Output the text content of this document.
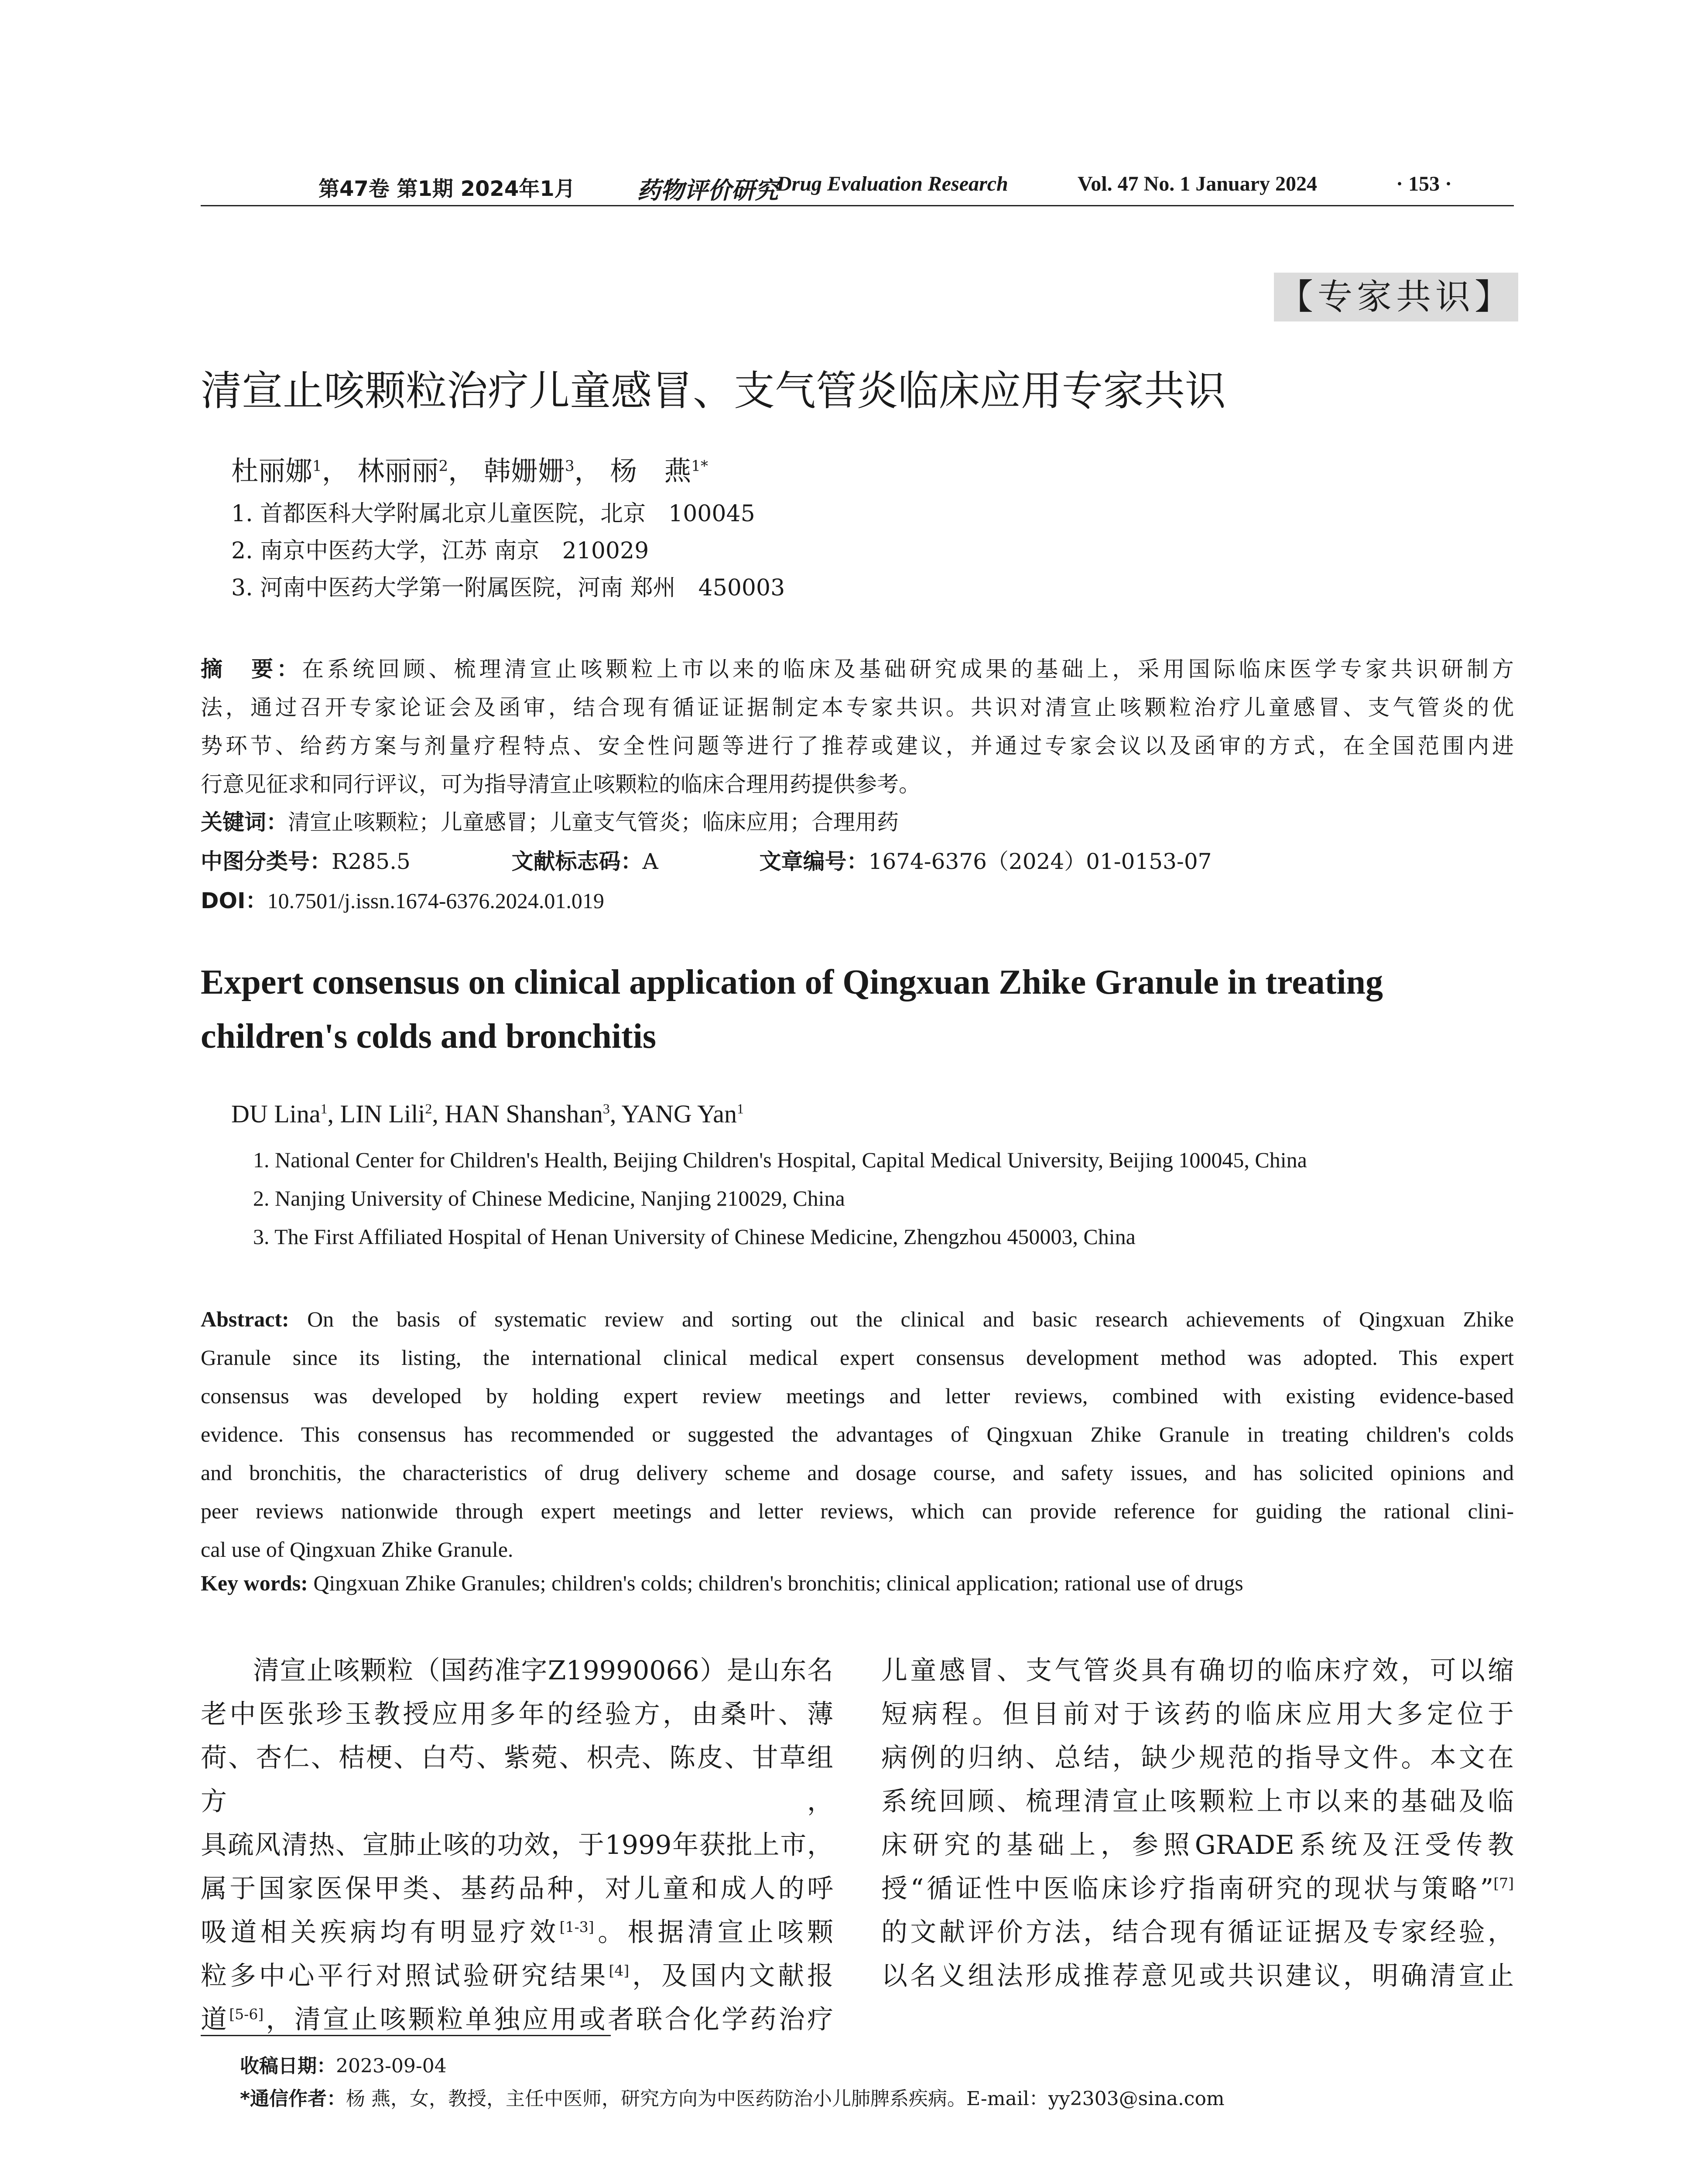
第47卷 第1期 2024年1月	药物评价研究
Drug Evaluation Research	Vol. 47 No. 1 January 2024	· 153 ·
【专家共识】
清宣止咳颗粒治疗儿童感冒、支气管炎临床应用专家共识
杜丽娜$^1$， 林丽丽$^2$， 韩姗姗$^3$， 杨　燕$^{1*}$
1. 首都医科大学附属北京儿童医院，北京　100045
2. 南京中医药大学，江苏 南京　210029
3. 河南中医药大学第一附属医院，河南 郑州　450003
摘　要：在系统回顾、梳理清宣止咳颗粒上市以来的临床及基础研究成果的基础上，采用国际临床医学专家共识研制方
法，通过召开专家论证会及函审，结合现有循证证据制定本专家共识。共识对清宣止咳颗粒治疗儿童感冒、支气管炎的优
势环节、给药方案与剂量疗程特点、安全性问题等进行了推荐或建议，并通过专家会议以及函审的方式，在全国范围内进
行意见征求和同行评议，可为指导清宣止咳颗粒的临床合理用药提供参考。
关键词：清宣止咳颗粒；儿童感冒；儿童支气管炎；临床应用；合理用药
中图分类号：R285.5	文献标志码：A	文章编号：1674-6376（2024）01-0153-07
DOI：10.7501/j.issn.1674-6376.2024.01.019
Expert consensus on clinical application of Qingxuan Zhike Granule in treating
children's colds and bronchitis
DU Lina$^1$, LIN Lili$^2$, HAN Shanshan$^3$, YANG Yan$^1$
1. National Center for Children's Health, Beijing Children's Hospital, Capital Medical University, Beijing 100045, China
2. Nanjing University of Chinese Medicine, Nanjing 210029, China
3. The First Affiliated Hospital of Henan University of Chinese Medicine, Zhengzhou 450003, China
Abstract: On the basis of systematic review and sorting out the clinical and basic research achievements of Qingxuan Zhike
Granule since its listing, the international clinical medical expert consensus development method was adopted. This expert
consensus was developed by holding expert review meetings and letter reviews, combined with existing evidence-based
evidence. This consensus has recommended or suggested the advantages of Qingxuan Zhike Granule in treating children's colds
and bronchitis, the characteristics of drug delivery scheme and dosage course, and safety issues, and has solicited opinions and
peer reviews nationwide through expert meetings and letter reviews, which can provide reference for guiding the rational clini-
cal use of Qingxuan Zhike Granule.
Key words: Qingxuan Zhike Granules; children's colds; children's bronchitis; clinical application; rational use of drugs
清宣止咳颗粒（国药准字Z19990066）是山东名
老中医张珍玉教授应用多年的经验方，由桑叶、薄
荷、杏仁、桔梗、白芍、紫菀、枳壳、陈皮、甘草组方，
具疏风清热、宣肺止咳的功效，于1999年获批上市，
属于国家医保甲类、基药品种，对儿童和成人的呼
吸道相关疾病均有明显疗效[1-3]。根据清宣止咳颗
粒多中心平行对照试验研究结果[4]，及国内文献报
道[5-6]，清宣止咳颗粒单独应用或者联合化学药治疗
儿童感冒、支气管炎具有确切的临床疗效，可以缩
短病程。但目前对于该药的临床应用大多定位于
病例的归纳、总结，缺少规范的指导文件。本文在
系统回顾、梳理清宣止咳颗粒上市以来的基础及临
床研究的基础上，参照GRADE系统及汪受传教
授“循证性中医临床诊疗指南研究的现状与策略”[7]
的文献评价方法，结合现有循证证据及专家经验，
以名义组法形成推荐意见或共识建议，明确清宣止
收稿日期：2023-09-04
*通信作者：杨 燕，女，教授，主任中医师，研究方向为中医药防治小儿肺脾系疾病。E-mail：yy2303@sina.com
